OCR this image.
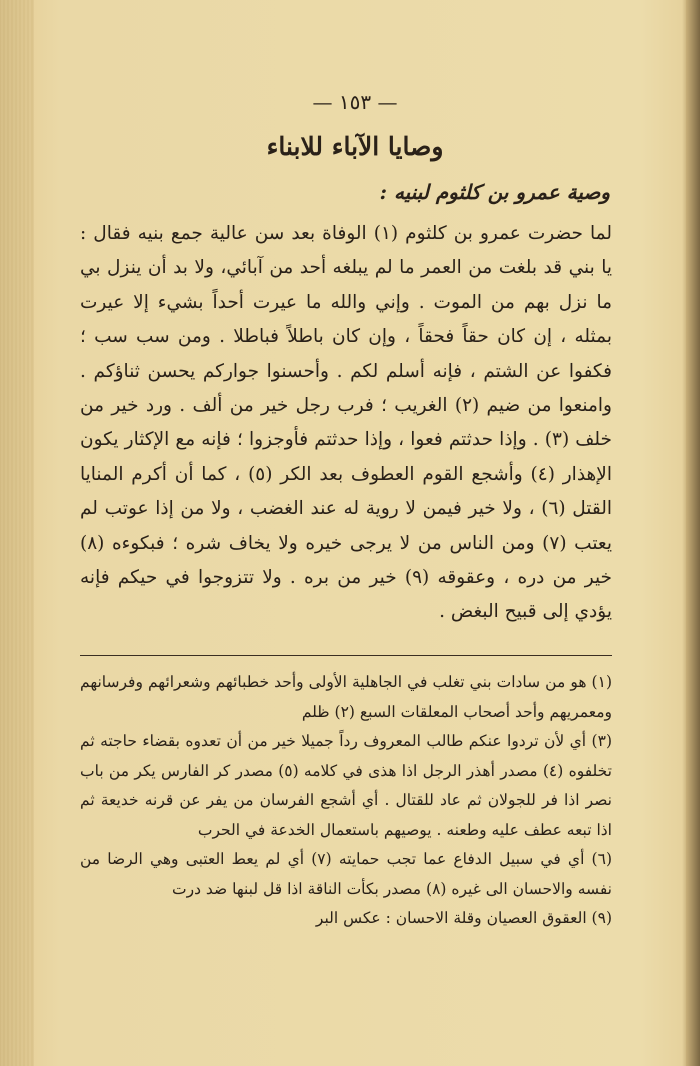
— ١٥٣ —
وصايا الآباء للابناء
وصية عمرو بن كلثوم لبنيه :

لما حضرت عمرو بن كلثوم (١) الوفاة بعد سن عالية جمع بنيه فقال : يا بني قد بلغت من العمر ما لم يبلغه أحد من آبائي، ولا بد أن ينزل بي ما نزل بهم من الموت . وإني والله ما عيرت أحداً بشيء إلا عيرت بمثله ، إن كان حقاً فحقاً ، وإن كان باطلاً فباطلا . ومن سب سب ؛ فكفوا عن الشتم ، فإنه أسلم لكم . وأحسنوا جواركم يحسن ثناؤكم . وامنعوا من ضيم (٢) الغريب ؛ فرب رجل خير من ألف . ورد خير من خلف (٣) . وإذا حدثتم فعوا ، وإذا حدثتم فأوجزوا ؛ فإنه مع الإكثار يكون الإهذار (٤) وأشجع القوم العطوف بعد الكر (٥) ، كما أن أكرم المنايا القتل (٦) ، ولا خير فيمن لا روية له عند الغضب ، ولا من إذا عوتب لم يعتب (٧) ومن الناس من لا يرجى خيره ولا يخاف شره ؛ فبكوءه (٨) خير من دره ، وعقوقه (٩) خير من بره . ولا تتزوجوا في حيكم فإنه يؤدي إلى قبيح البغض .

(١) هو من سادات بني تغلب في الجاهلية الأولى وأحد خطبائهم وشعرائهم وفرسانهم ومعمريهم وأحد أصحاب المعلقات السبع (٢) ظلم
(٣) أي لأن تردوا عنكم طالب المعروف رداً جميلا خير من أن تعدوه بقضاء حاجته ثم تخلفوه (٤) مصدر أهذر الرجل اذا هذى في كلامه (٥) مصدر كر الفارس يكر من باب نصر اذا فر للجولان ثم عاد للقتال . أي أشجع الفرسان من يفر عن قرنه خديعة ثم اذا تبعه عطف عليه وطعنه . يوصيهم باستعمال الخدعة في الحرب
(٦) أي في سبيل الدفاع عما تجب حمايته (٧) أي لم يعط العتبى وهي الرضا من نفسه والاحسان الى غيره (٨) مصدر بكأت الناقة اذا قل لبنها ضد درت
(٩) العقوق العصيان وقلة الاحسان : عكس البر
